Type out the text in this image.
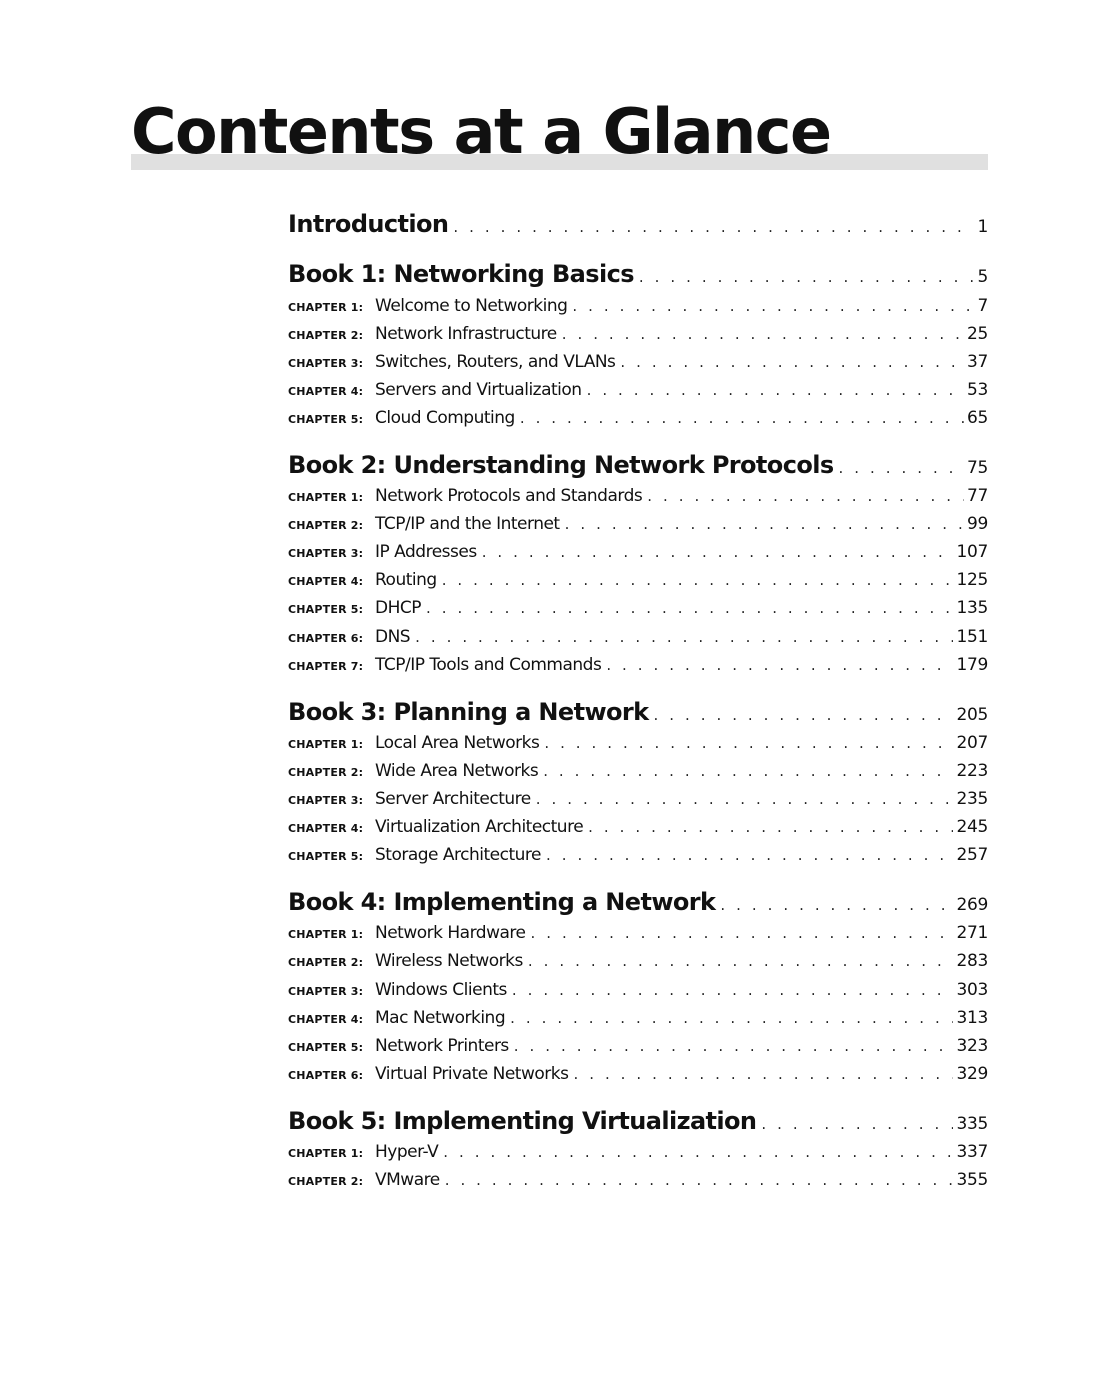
Contents at a Glance
Introduction . . .	1
Book 1: Networking Basics . . .	5
CHAPTER 1: Welcome to Networking . . .	7
CHAPTER 2: Network Infrastructure . . .	25
CHAPTER 3: Switches, Routers, and VLANs . . .	37
CHAPTER 4: Servers and Virtualization . . .	53
CHAPTER 5: Cloud Computing . . .	65
Book 2: Understanding Network Protocols . . .	75
CHAPTER 1: Network Protocols and Standards . . .	77
CHAPTER 2: TCP/IP and the Internet . . .	99
CHAPTER 3: IP Addresses . . .	107
CHAPTER 4: Routing . . .	125
CHAPTER 5: DHCP . . .	135
CHAPTER 6: DNS . . .	151
CHAPTER 7: TCP/IP Tools and Commands . . .	179
Book 3: Planning a Network . . .	205
CHAPTER 1: Local Area Networks . . .	207
CHAPTER 2: Wide Area Networks . . .	223
CHAPTER 3: Server Architecture . . .	235
CHAPTER 4: Virtualization Architecture . . .	245
CHAPTER 5: Storage Architecture . . .	257
Book 4: Implementing a Network . . .	269
CHAPTER 1: Network Hardware . . .	271
CHAPTER 2: Wireless Networks . . .	283
CHAPTER 3: Windows Clients . . .	303
CHAPTER 4: Mac Networking . . .	313
CHAPTER 5: Network Printers . . .	323
CHAPTER 6: Virtual Private Networks . . .	329
Book 5: Implementing Virtualization . . .	335
CHAPTER 1: Hyper-V . . .	337
CHAPTER 2: VMware . . .	355
